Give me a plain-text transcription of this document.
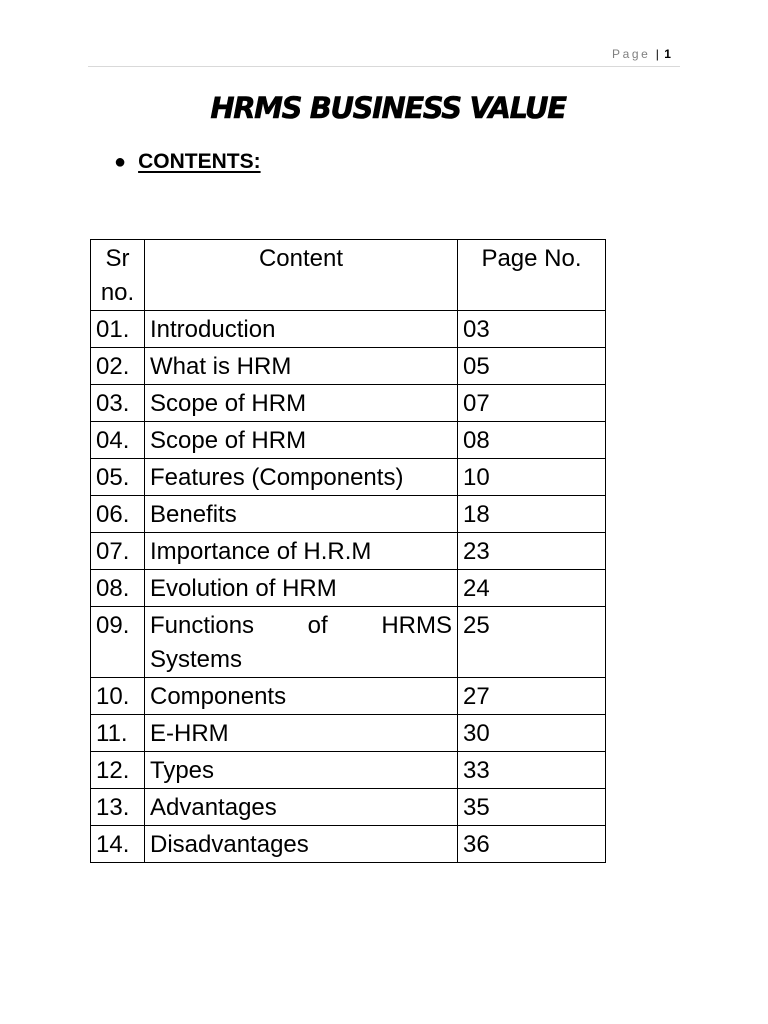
Page | 1
HRMS BUSINESS VALUE
● CONTENTS:
Sr no.	Content	Page No.
01.	Introduction	03
02.	What is HRM	05
03.	Scope of HRM	07
04.	Scope of HRM	08
05.	Features (Components)	10
06.	Benefits	18
07.	Importance of H.R.M	23
08.	Evolution of HRM	24
09.	Functions of HRMS Systems	25
10.	Components	27
11.	E-HRM	30
12.	Types	33
13.	Advantages	35
14.	Disadvantages	36
